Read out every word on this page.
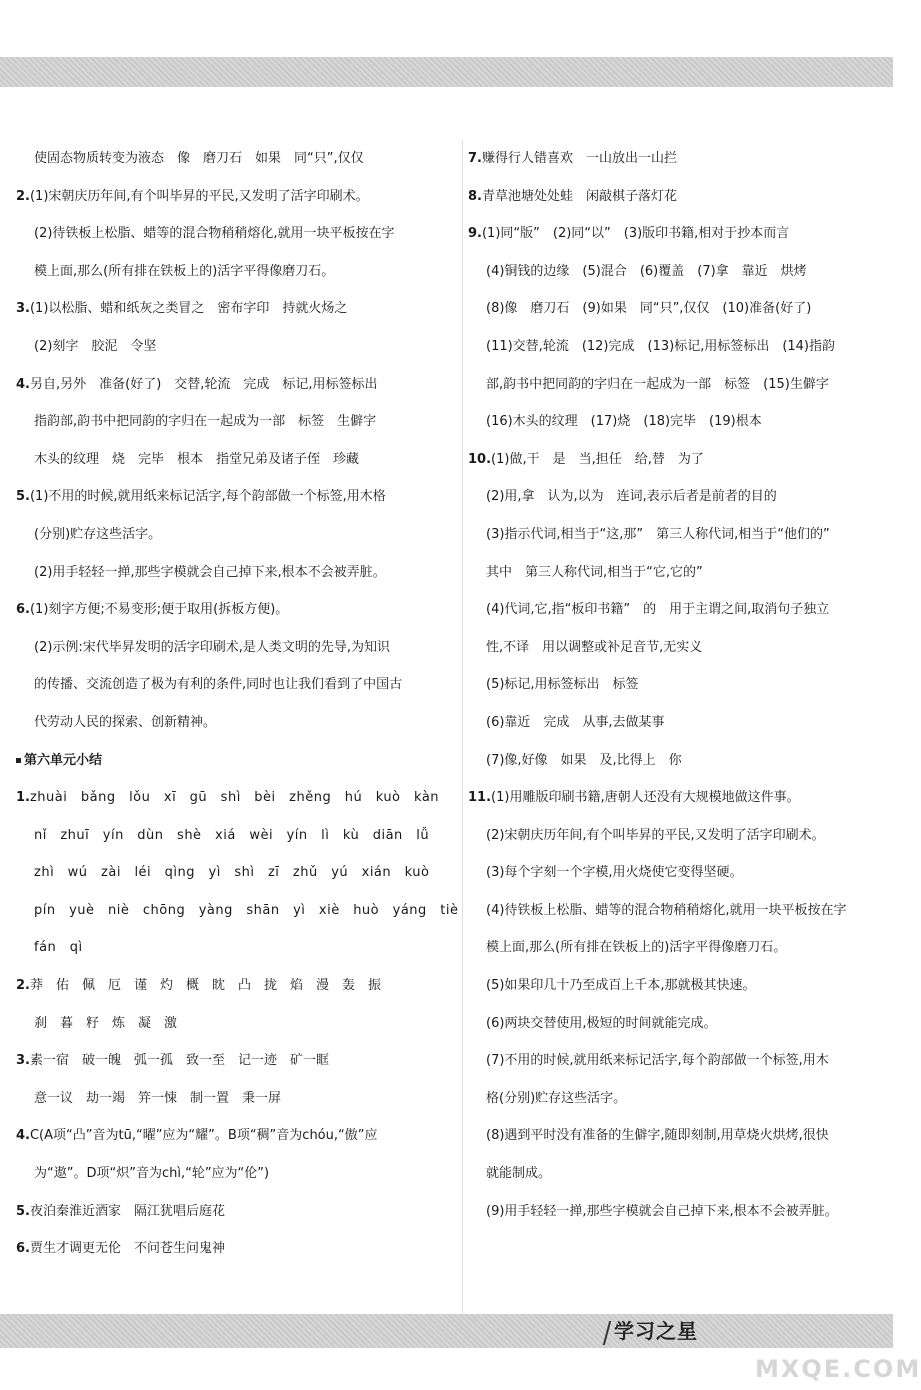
使固态物质转变为液态　像　磨刀石　如果　同“只”,仅仅
2.(1)宋朝庆历年间,有个叫毕昇的平民,又发明了活字印刷术。
(2)待铁板上松脂、蜡等的混合物稍稍熔化,就用一块平板按在字
模上面,那么(所有排在铁板上的)活字平得像磨刀石。
3.(1)以松脂、蜡和纸灰之类冒之　密布字印　持就火炀之
(2)刻字　胶泥　令坚
4.另自,另外　准备(好了)　交替,轮流　完成　标记,用标签标出
指韵部,韵书中把同韵的字归在一起成为一部　标签　生僻字
木头的纹理　烧　完毕　根本　指堂兄弟及诸子侄　珍藏
5.(1)不用的时候,就用纸来标记活字,每个韵部做一个标签,用木格
(分别)贮存这些活字。
(2)用手轻轻一掸,那些字模就会自己掉下来,根本不会被弄脏。
6.(1)刻字方便;不易变形;便于取用(拆板方便)。
(2)示例:宋代毕昇发明的活字印刷术,是人类文明的先导,为知识
的传播、交流创造了极为有利的条件,同时也让我们看到了中国古
代劳动人民的探索、创新精神。
第六单元小结
1.zhuài　bǎng　lǒu　xī　gū　shì　bèi　zhěng　hú　kuò　kàn
nǐ　zhuī　yín　dùn　shè　xiá　wèi　yín　lì　kù　diān　lǚ
zhì　wú　zài　léi　qìng　yì　shì　zī　zhǔ　yú　xián　kuò
pín　yuè　niè　chōng　yàng　shān　yì　xiè　huò　yáng　tiè
fán　qì
2.莽　佑　佩　厄　谨　灼　概　眈　凸　拢　焰　漫　轰　振
刹　暮　籽　炼　凝　激
3.素一宿　破一魄　弧一孤　致一至　记一迹　矿一眶
意一议　劫一竭　笄一悚　制一置　秉一屏
4.C(A项“凸”音为tū,“曜”应为“耀”。B项“稠”音为chóu,“傲”应
为“遨”。D项“炽”音为chì,“轮”应为“伦”)
5.夜泊秦淮近酒家　隔江犹唱后庭花
6.贾生才调更无伦　不问苍生问鬼神
7.赚得行人错喜欢　一山放出一山拦
8.青草池塘处处蛙　闲敲棋子落灯花
9.(1)同“版”　(2)同“以”　(3)版印书籍,相对于抄本而言
(4)铜钱的边缘　(5)混合　(6)覆盖　(7)拿　靠近　烘烤
(8)像　磨刀石　(9)如果　同“只”,仅仅　(10)准备(好了)
(11)交替,轮流　(12)完成　(13)标记,用标签标出　(14)指韵
部,韵书中把同韵的字归在一起成为一部　标签　(15)生僻字
(16)木头的纹理　(17)烧　(18)完毕　(19)根本
10.(1)做,干　是　当,担任　给,替　为了
(2)用,拿　认为,以为　连词,表示后者是前者的目的
(3)指示代词,相当于“这,那”　第三人称代词,相当于“他们的”
其中　第三人称代词,相当于“它,它的”
(4)代词,它,指“板印书籍”　的　用于主谓之间,取消句子独立
性,不译　用以调整或补足音节,无实义
(5)标记,用标签标出　标签
(6)靠近　完成　从事,去做某事
(7)像,好像　如果　及,比得上　你
11.(1)用雕版印刷书籍,唐朝人还没有大规模地做这件事。
(2)宋朝庆历年间,有个叫毕昇的平民,又发明了活字印刷术。
(3)每个字刻一个字模,用火烧使它变得坚硬。
(4)待铁板上松脂、蜡等的混合物稍稍熔化,就用一块平板按在字
模上面,那么(所有排在铁板上的)活字平得像磨刀石。
(5)如果印几十乃至成百上千本,那就极其快速。
(6)两块交替使用,极短的时间就能完成。
(7)不用的时候,就用纸来标记活字,每个韵部做一个标签,用木
格(分别)贮存这些活字。
(8)遇到平时没有准备的生僻字,随即刻制,用草烧火烘烤,很快
就能制成。
(9)用手轻轻一掸,那些字模就会自己掉下来,根本不会被弄脏。
学习之星
MXQE.COM
